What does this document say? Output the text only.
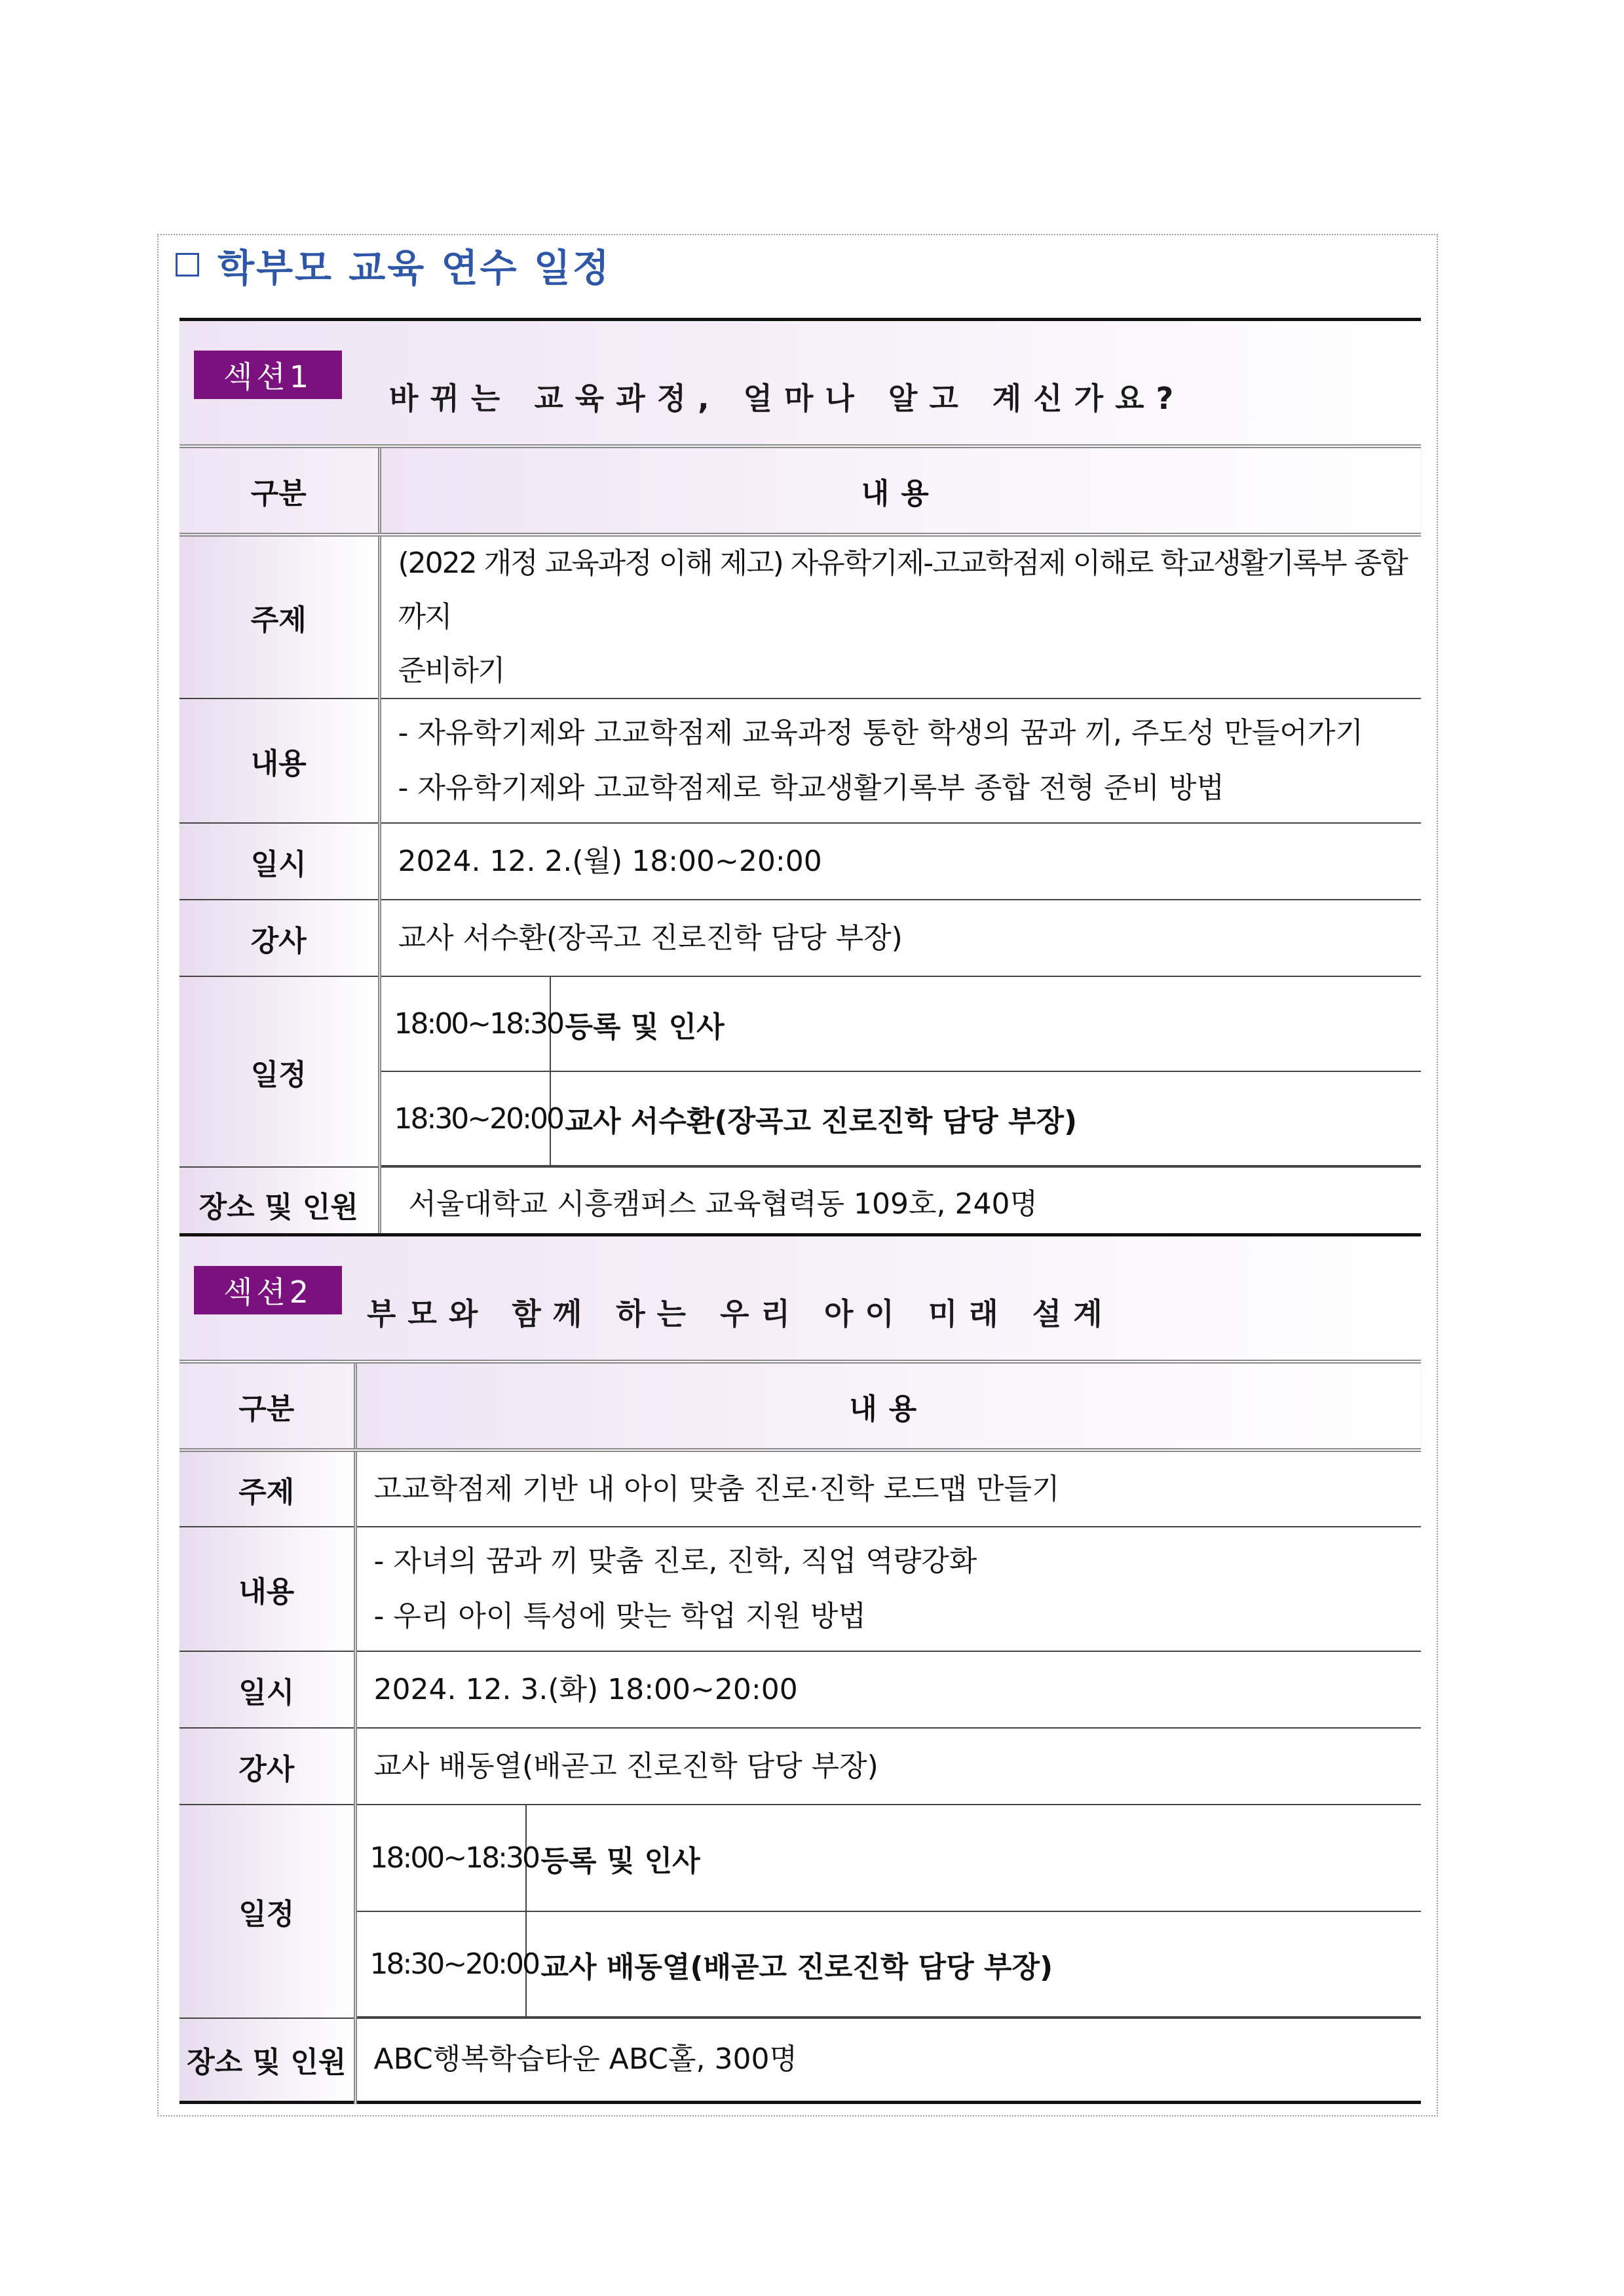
학부모 교육 연수 일정
섹션1
바뀌는 교육과정, 얼마나 알고 계신가요?
구분	내용
주제	
(2022 개정 교육과정 이해 제고) 자유학기제-고교학점제 이해로 학교생활기록부 종합까지
준비하기

내용	
- 자유학기제와 고교학점제 교육과정 통한 학생의 꿈과 끼, 주도성 만들어가기
- 자유학기제와 고교학점제로 학교생활기록부 종합 전형 준비 방법

일시	2024. 12. 2.(월) 18:00~20:00
강사	교사 서수환(장곡고 진로진학 담당 부장)
일정	
18:00~18:30	등록 및 인사
18:30~20:00	교사 서수환(장곡고 진로진학 담당 부장)

장소 및 인원	서울대학교 시흥캠퍼스 교육협력동 109호, 240명
섹션2
부모와 함께 하는 우리 아이 미래 설계
구분	내용
주제	고교학점제 기반 내 아이 맞춤 진로·진학 로드맵 만들기
내용	
- 자녀의 꿈과 끼 맞춤 진로, 진학, 직업 역량강화
- 우리 아이 특성에 맞는 학업 지원 방법

일시	2024. 12. 3.(화) 18:00~20:00
강사	교사 배동열(배곧고 진로진학 담당 부장)
일정	
18:00~18:30	등록 및 인사
18:30~20:00	교사 배동열(배곧고 진로진학 담당 부장)

장소 및 인원	ABC행복학습타운 ABC홀, 300명
